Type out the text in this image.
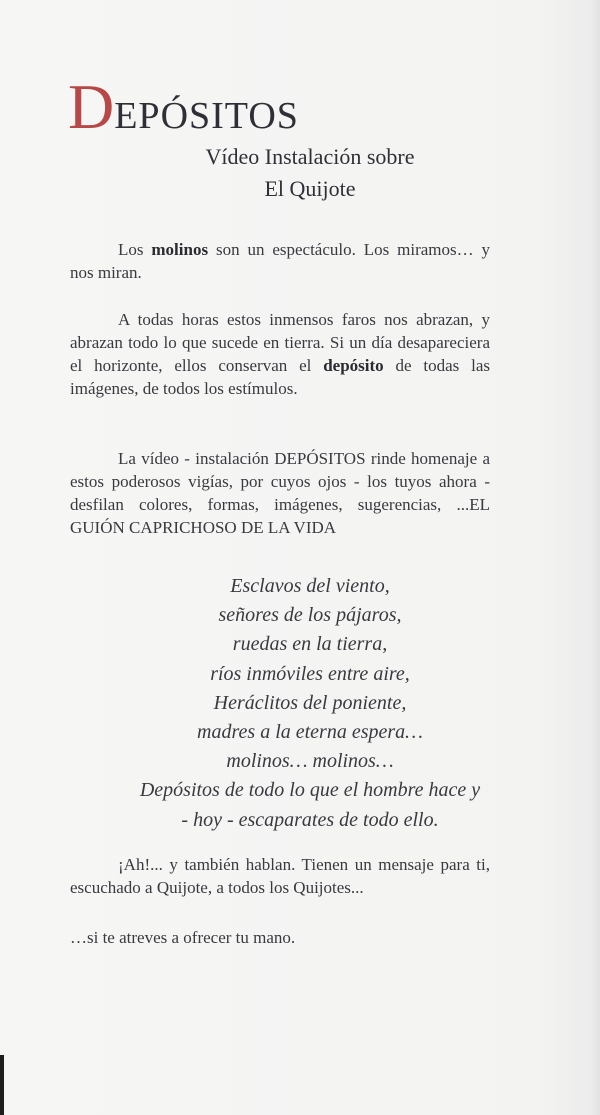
DEPÓSITOS
Vídeo Instalación sobre
El Quijote
Los molinos son un espectáculo. Los miramos… y nos miran.
A todas horas estos inmensos faros nos abrazan, y abrazan todo lo que sucede en tierra. Si un día desapareciera el horizonte, ellos conservan el depósito de todas las imágenes, de todos los estímulos.
La vídeo - instalación DEPÓSITOS rinde homenaje a estos poderosos vigías, por cuyos ojos - los tuyos ahora - desfilan colores, formas, imágenes, sugerencias, ...EL GUIÓN CAPRICHOSO DE LA VIDA
Esclavos del viento,
señores de los pájaros,
ruedas en la tierra,
ríos inmóviles entre aire,
Heráclitos del poniente,
madres a la eterna espera…
molinos… molinos…
Depósitos de todo lo que el hombre hace y
- hoy - escaparates de todo ello.
¡Ah!... y también hablan. Tienen un mensaje para ti, escuchado a Quijote, a todos los Quijotes...
…si te atreves a ofrecer tu mano.
